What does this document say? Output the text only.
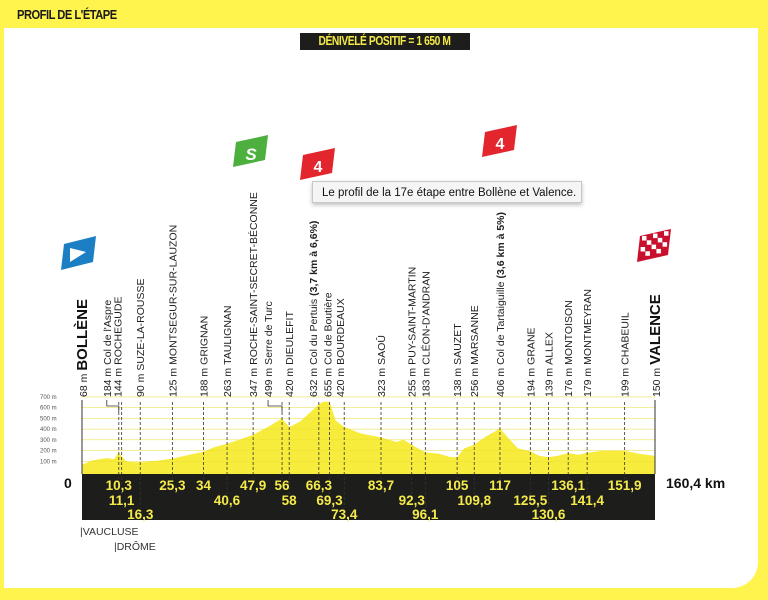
PROFIL DE L'ÉTAPE
DÉNIVELÉ POSITIF = 1 650 M
100 m
200 m
300 m
400 m
500 m
600 m
700 m
68 mBOLLÈNE
184 mCol de l'Aspre
144 mROCHEGUDE
90 mSUZE-LA-ROUSSE
125 mMONTSEGUR-SUR-LAUZON
188 mGRIGNAN
263 mTAULIGNAN
347 mROCHE-SAINT-SECRET-BÉCONNE
499 mSerre de Turc
420 mDIEULEFIT
632 mCol du Pertuis(3,7 km à 6,6%)
655 mCol de Boutière
420 mBOURDEAUX
323 mSAOÛ
255 mPUY-SAINT-MARTIN
183 mCLÉON-D'ANDRAN
138 mSAUZET
256 mMARSANNE
406 mCol de Tartaiguille(3,6 km à 5%)
194 mGRANE
139 mALLEX
176 mMONTOISON
179 mMONTMEYRAN
199 mCHABEUIL
150 mVALENCE
10,3
11,1
16,3
25,3 34
40,6
47,9 56
58
66,3
69,3
73,4
83,7
92,3
96,1
105
109,8
117
125,5
130,6
136,1
141,4
151,9
0	160,4 km
S
4
4
|VAUCLUSE
|DRÔME
Le profil de la 17e étape entre Bollène et Valence.
